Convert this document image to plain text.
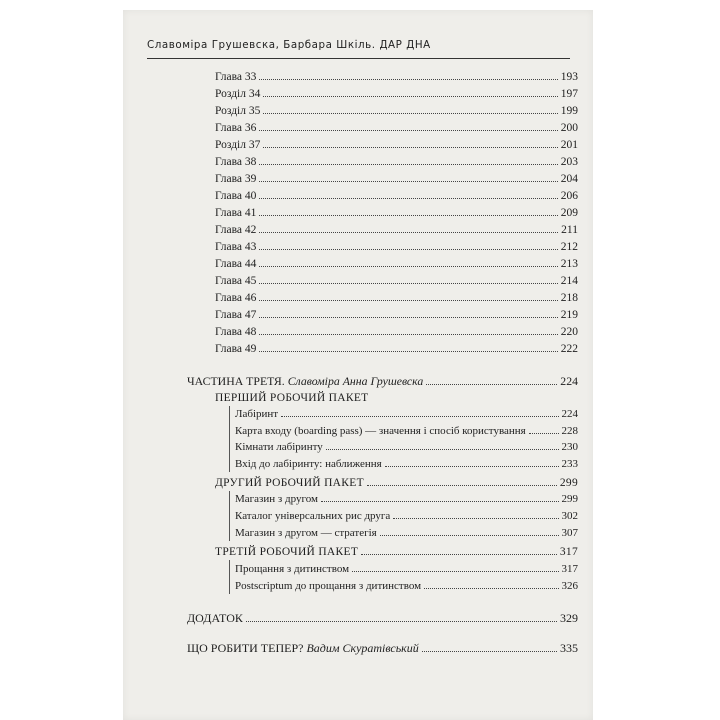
Славоміра Грушевска, Барбара Шкіль. ДАР ДНА
Глава 33	193
Розділ 34	197
Розділ 35	199
Глава 36	200
Розділ 37	201
Глава 38	203
Глава 39	204
Глава 40	206
Глава 41	209
Глава 42	211
Глава 43	212
Глава 44	213
Глава 45	214
Глава 46	218
Глава 47	219
Глава 48	220
Глава 49	222
ЧАСТИНА ТРЕТЯ. Славоміра Анна Грушевска	224
ПЕРШИЙ РОБОЧИЙ ПАКЕТ
Лабіринт	224
Карта входу (boarding pass) — значення і спосіб користування	228
Кімнати лабіринту	230
Вхід до лабіринту: наближення	233
ДРУГИЙ РОБОЧИЙ ПАКЕТ	299
Магазин з другом	299
Каталог універсальних рис друга	302
Магазин з другом — стратегія	307
ТРЕТІЙ РОБОЧИЙ ПАКЕТ	317
Прощання з дитинством	317
Postscriptum до прощання з дитинством	326
ДОДАТОК	329
ЩО РОБИТИ ТЕПЕР? Вадим Скуратівський	335
